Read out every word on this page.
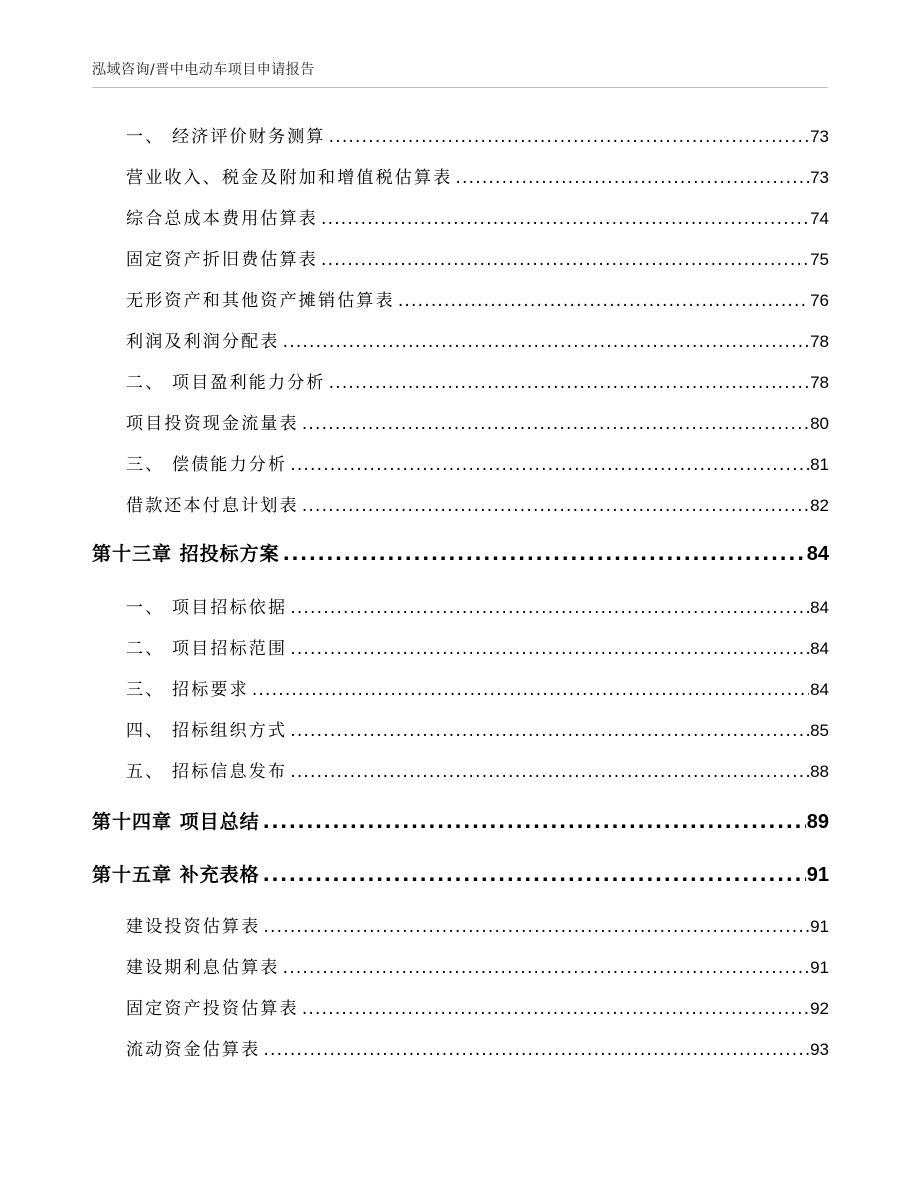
泓域咨询/晋中电动车项目申请报告
一、 经济评价财务测算 .....	73
营业收入、税金及附加和增值税估算表 .....	73
综合总成本费用估算表 .....	74
固定资产折旧费估算表 .....	75
无形资产和其他资产摊销估算表 .....	76
利润及利润分配表 .....	78
二、 项目盈利能力分析 .....	78
项目投资现金流量表 .....	80
三、 偿债能力分析 .....	81
借款还本付息计划表 .....	82
第十三章 招投标方案 .....	84
一、 项目招标依据 .....	84
二、 项目招标范围 .....	84
三、 招标要求 .....	84
四、 招标组织方式 .....	85
五、 招标信息发布 .....	88
第十四章 项目总结 .....	89
第十五章 补充表格 .....	91
建设投资估算表 .....	91
建设期利息估算表 .....	91
固定资产投资估算表 .....	92
流动资金估算表 .....	93
